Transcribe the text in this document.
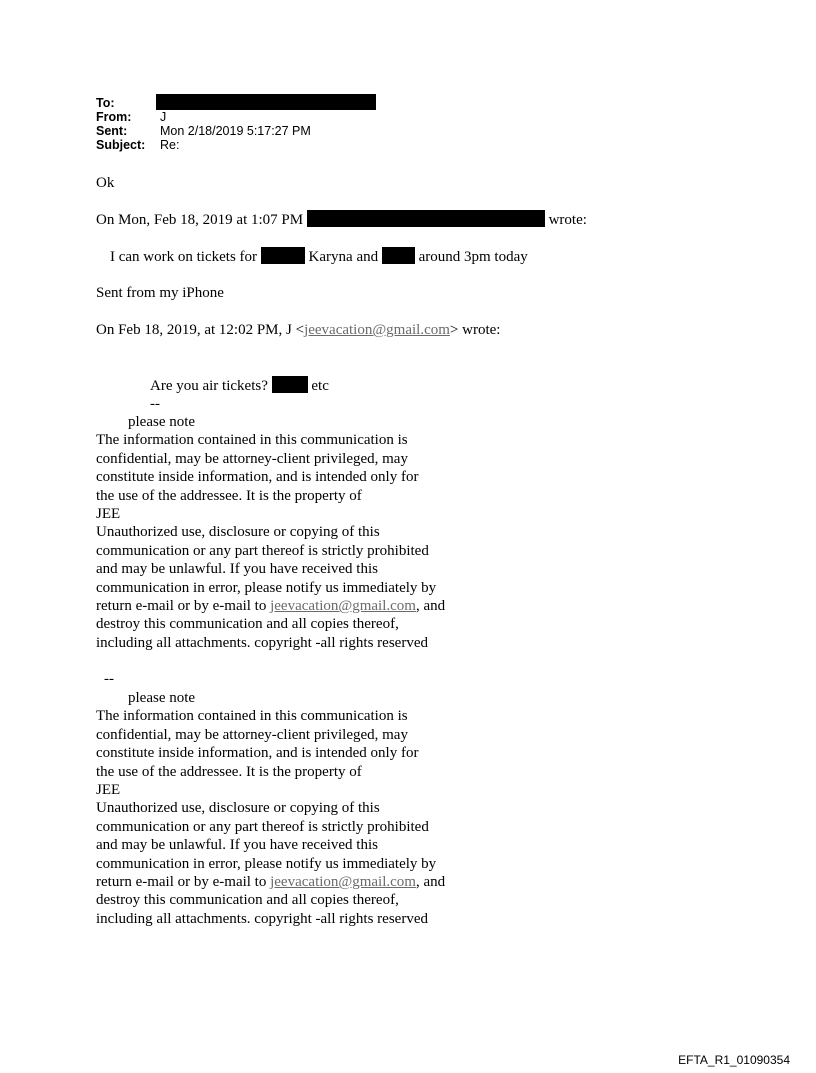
To:
From: J
Sent:	Mon 2/18/2019 5:17:27 PM
Subject: Re:
Ok
On Mon, Feb 18, 2019 at 1:07 PM	wrote:
I can work on tickets for	Karyna and	around 3pm today
Sent from my iPhone
On Feb 18, 2019, at 12:02 PM, J <jeevacation@gmail.com> wrote:
Are you air tickets?	etc
--
please note
The information contained in this communication is
confidential, may be attorney-client privileged, may
constitute inside information, and is intended only for
the use of the addressee. It is the property of
JEE
Unauthorized use, disclosure or copying of this
communication or any part thereof is strictly prohibited
and may be unlawful. If you have received this
communication in error, please notify us immediately by
return e-mail or by e-mail to jeevacation@gmail.com, and
destroy this communication and all copies thereof,
including all attachments. copyright -all rights reserved
--
please note
The information contained in this communication is
confidential, may be attorney-client privileged, may
constitute inside information, and is intended only for
the use of the addressee. It is the property of
JEE
Unauthorized use, disclosure or copying of this
communication or any part thereof is strictly prohibited
and may be unlawful. If you have received this
communication in error, please notify us immediately by
return e-mail or by e-mail to jeevacation@gmail.com, and
destroy this communication and all copies thereof,
including all attachments. copyright -all rights reserved
EFTA_R1_01090354
